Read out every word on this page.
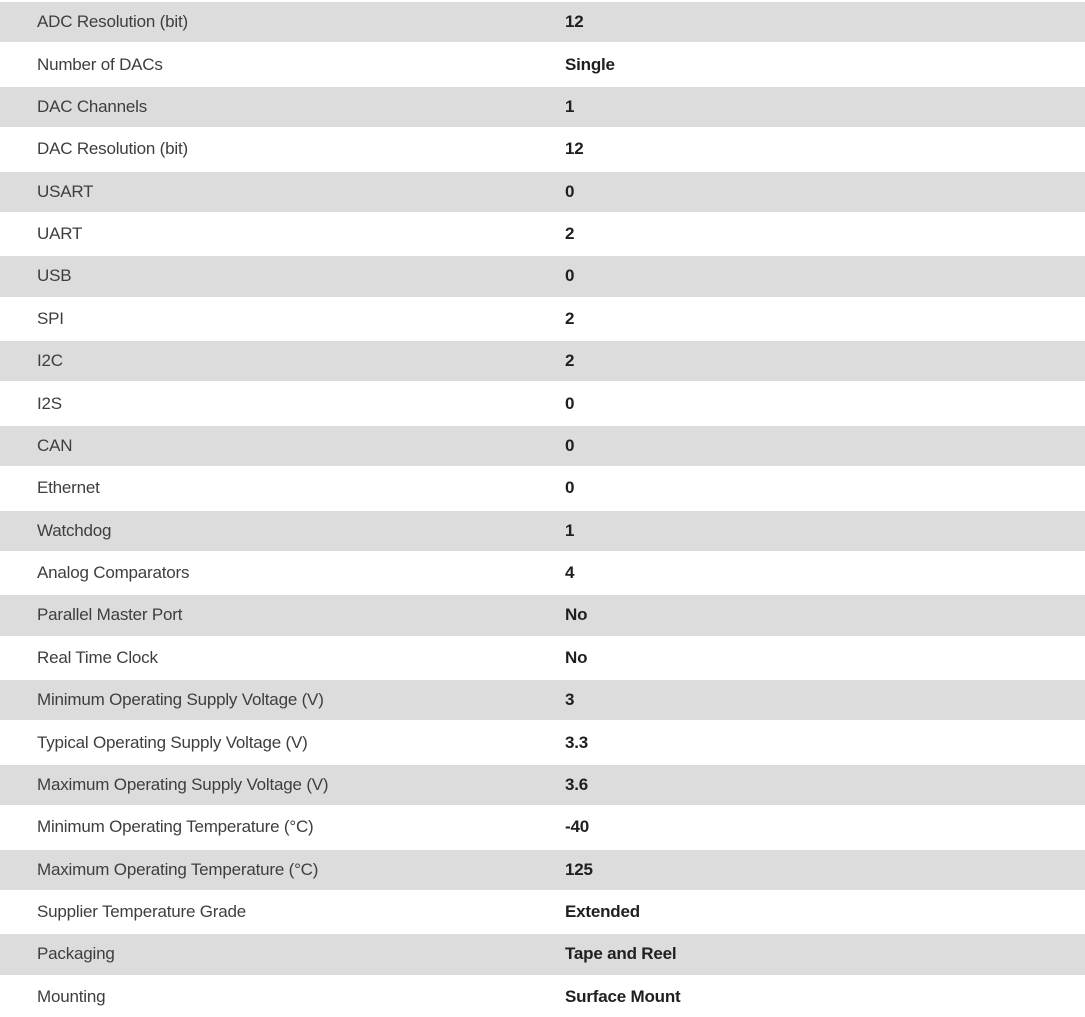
ADC Resolution (bit)	12
Number of DACs	Single
DAC Channels	1
DAC Resolution (bit)	12
USART	0
UART	2
USB	0
SPI	2
I2C	2
I2S	0
CAN	0
Ethernet	0
Watchdog	1
Analog Comparators	4
Parallel Master Port	No
Real Time Clock	No
Minimum Operating Supply Voltage (V)	3
Typical Operating Supply Voltage (V)	3.3
Maximum Operating Supply Voltage (V)	3.6
Minimum Operating Temperature (°C)	-40
Maximum Operating Temperature (°C)	125
Supplier Temperature Grade	Extended
Packaging	Tape and Reel
Mounting	Surface Mount
